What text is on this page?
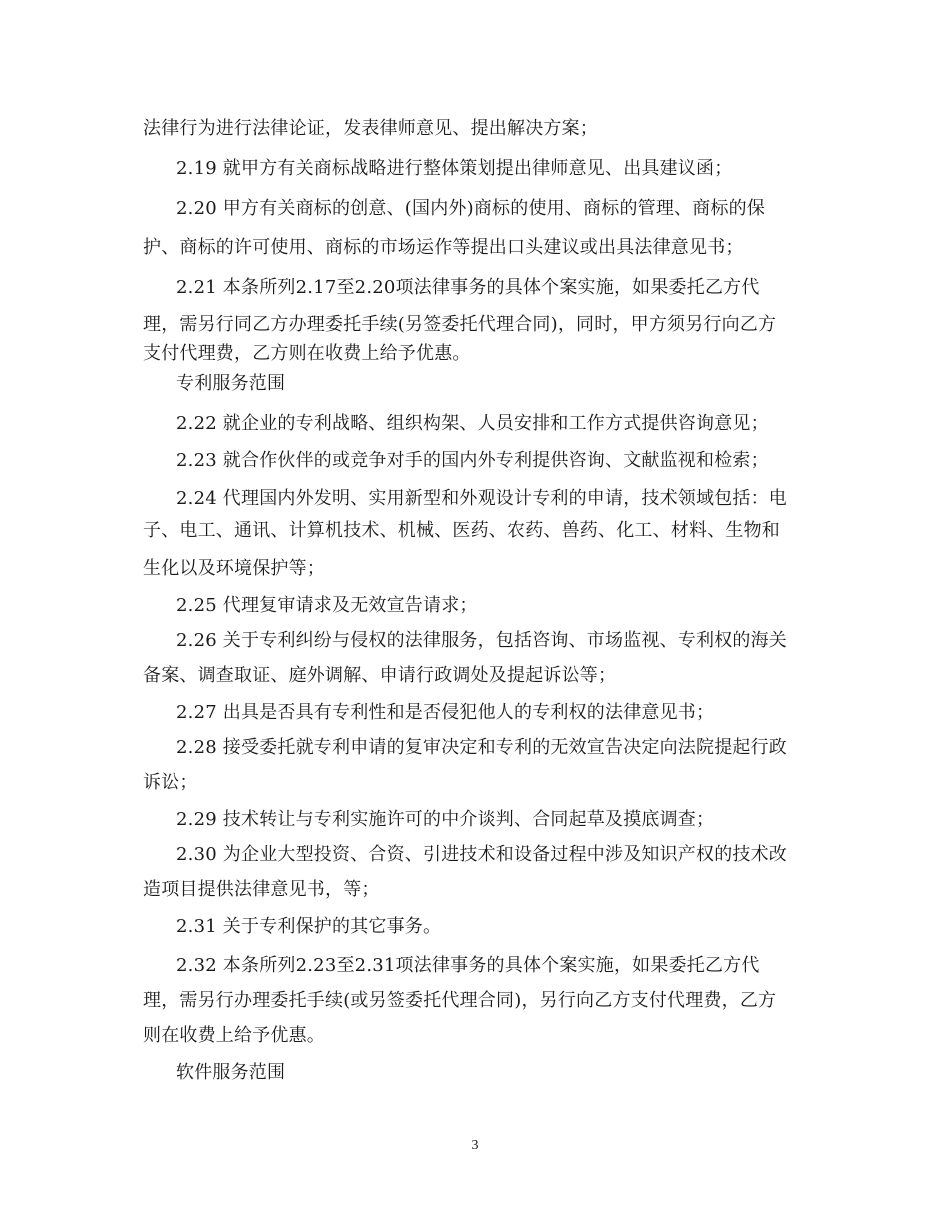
法律行为进行法律论证，发表律师意见、提出解决方案；

2.19 就甲方有关商标战略进行整体策划提出律师意见、出具建议函；

2.20 甲方有关商标的创意、(国内外)商标的使用、商标的管理、商标的保

护、商标的许可使用、商标的市场运作等提出口头建议或出具法律意见书；

2.21 本条所列2.17至2.20项法律事务的具体个案实施，如果委托乙方代

理，需另行同乙方办理委托手续(另签委托代理合同)，同时，甲方须另行向乙方

支付代理费，乙方则在收费上给予优惠。

专利服务范围

2.22 就企业的专利战略、组织构架、人员安排和工作方式提供咨询意见；

2.23 就合作伙伴的或竞争对手的国内外专利提供咨询、文献监视和检索；

2.24 代理国内外发明、实用新型和外观设计专利的申请，技术领域包括：电

子、电工、通讯、计算机技术、机械、医药、农药、兽药、化工、材料、生物和

生化以及环境保护等；

2.25 代理复审请求及无效宣告请求；

2.26 关于专利纠纷与侵权的法律服务，包括咨询、市场监视、专利权的海关

备案、调查取证、庭外调解、申请行政调处及提起诉讼等；

2.27 出具是否具有专利性和是否侵犯他人的专利权的法律意见书；

2.28 接受委托就专利申请的复审决定和专利的无效宣告决定向法院提起行政

诉讼；

2.29 技术转让与专利实施许可的中介谈判、合同起草及摸底调查；

2.30 为企业大型投资、合资、引进技术和设备过程中涉及知识产权的技术改

造项目提供法律意见书，等；

2.31 关于专利保护的其它事务。

2.32 本条所列2.23至2.31项法律事务的具体个案实施，如果委托乙方代

理，需另行办理委托手续(或另签委托代理合同)，另行向乙方支付代理费，乙方

则在收费上给予优惠。

软件服务范围

3
